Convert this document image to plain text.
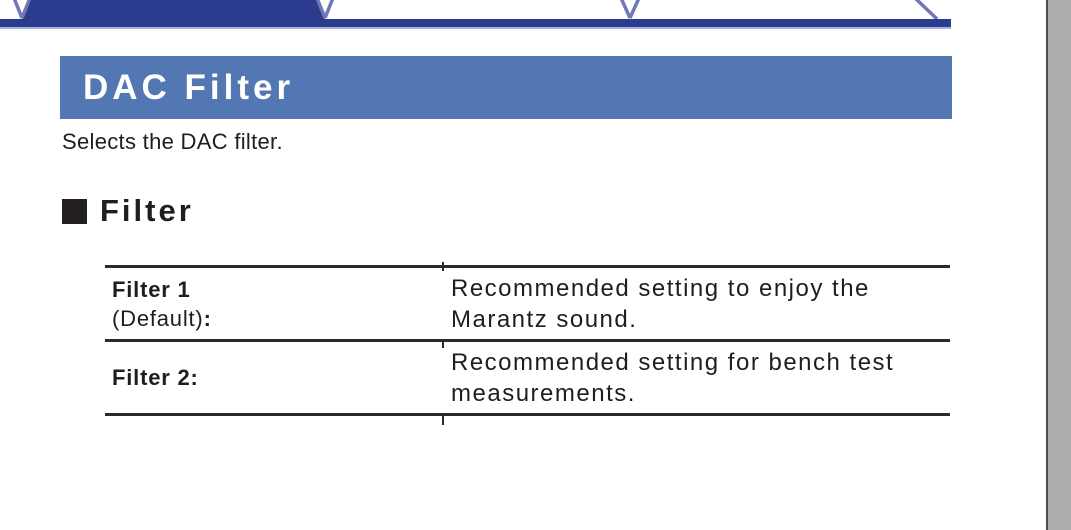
DAC Filter

Selects the DAC filter.

Filter
Filter 1
(Default):
Recommended setting to enjoy the
Marantz sound.
Filter 2:
Recommended setting for bench test
measurements.
